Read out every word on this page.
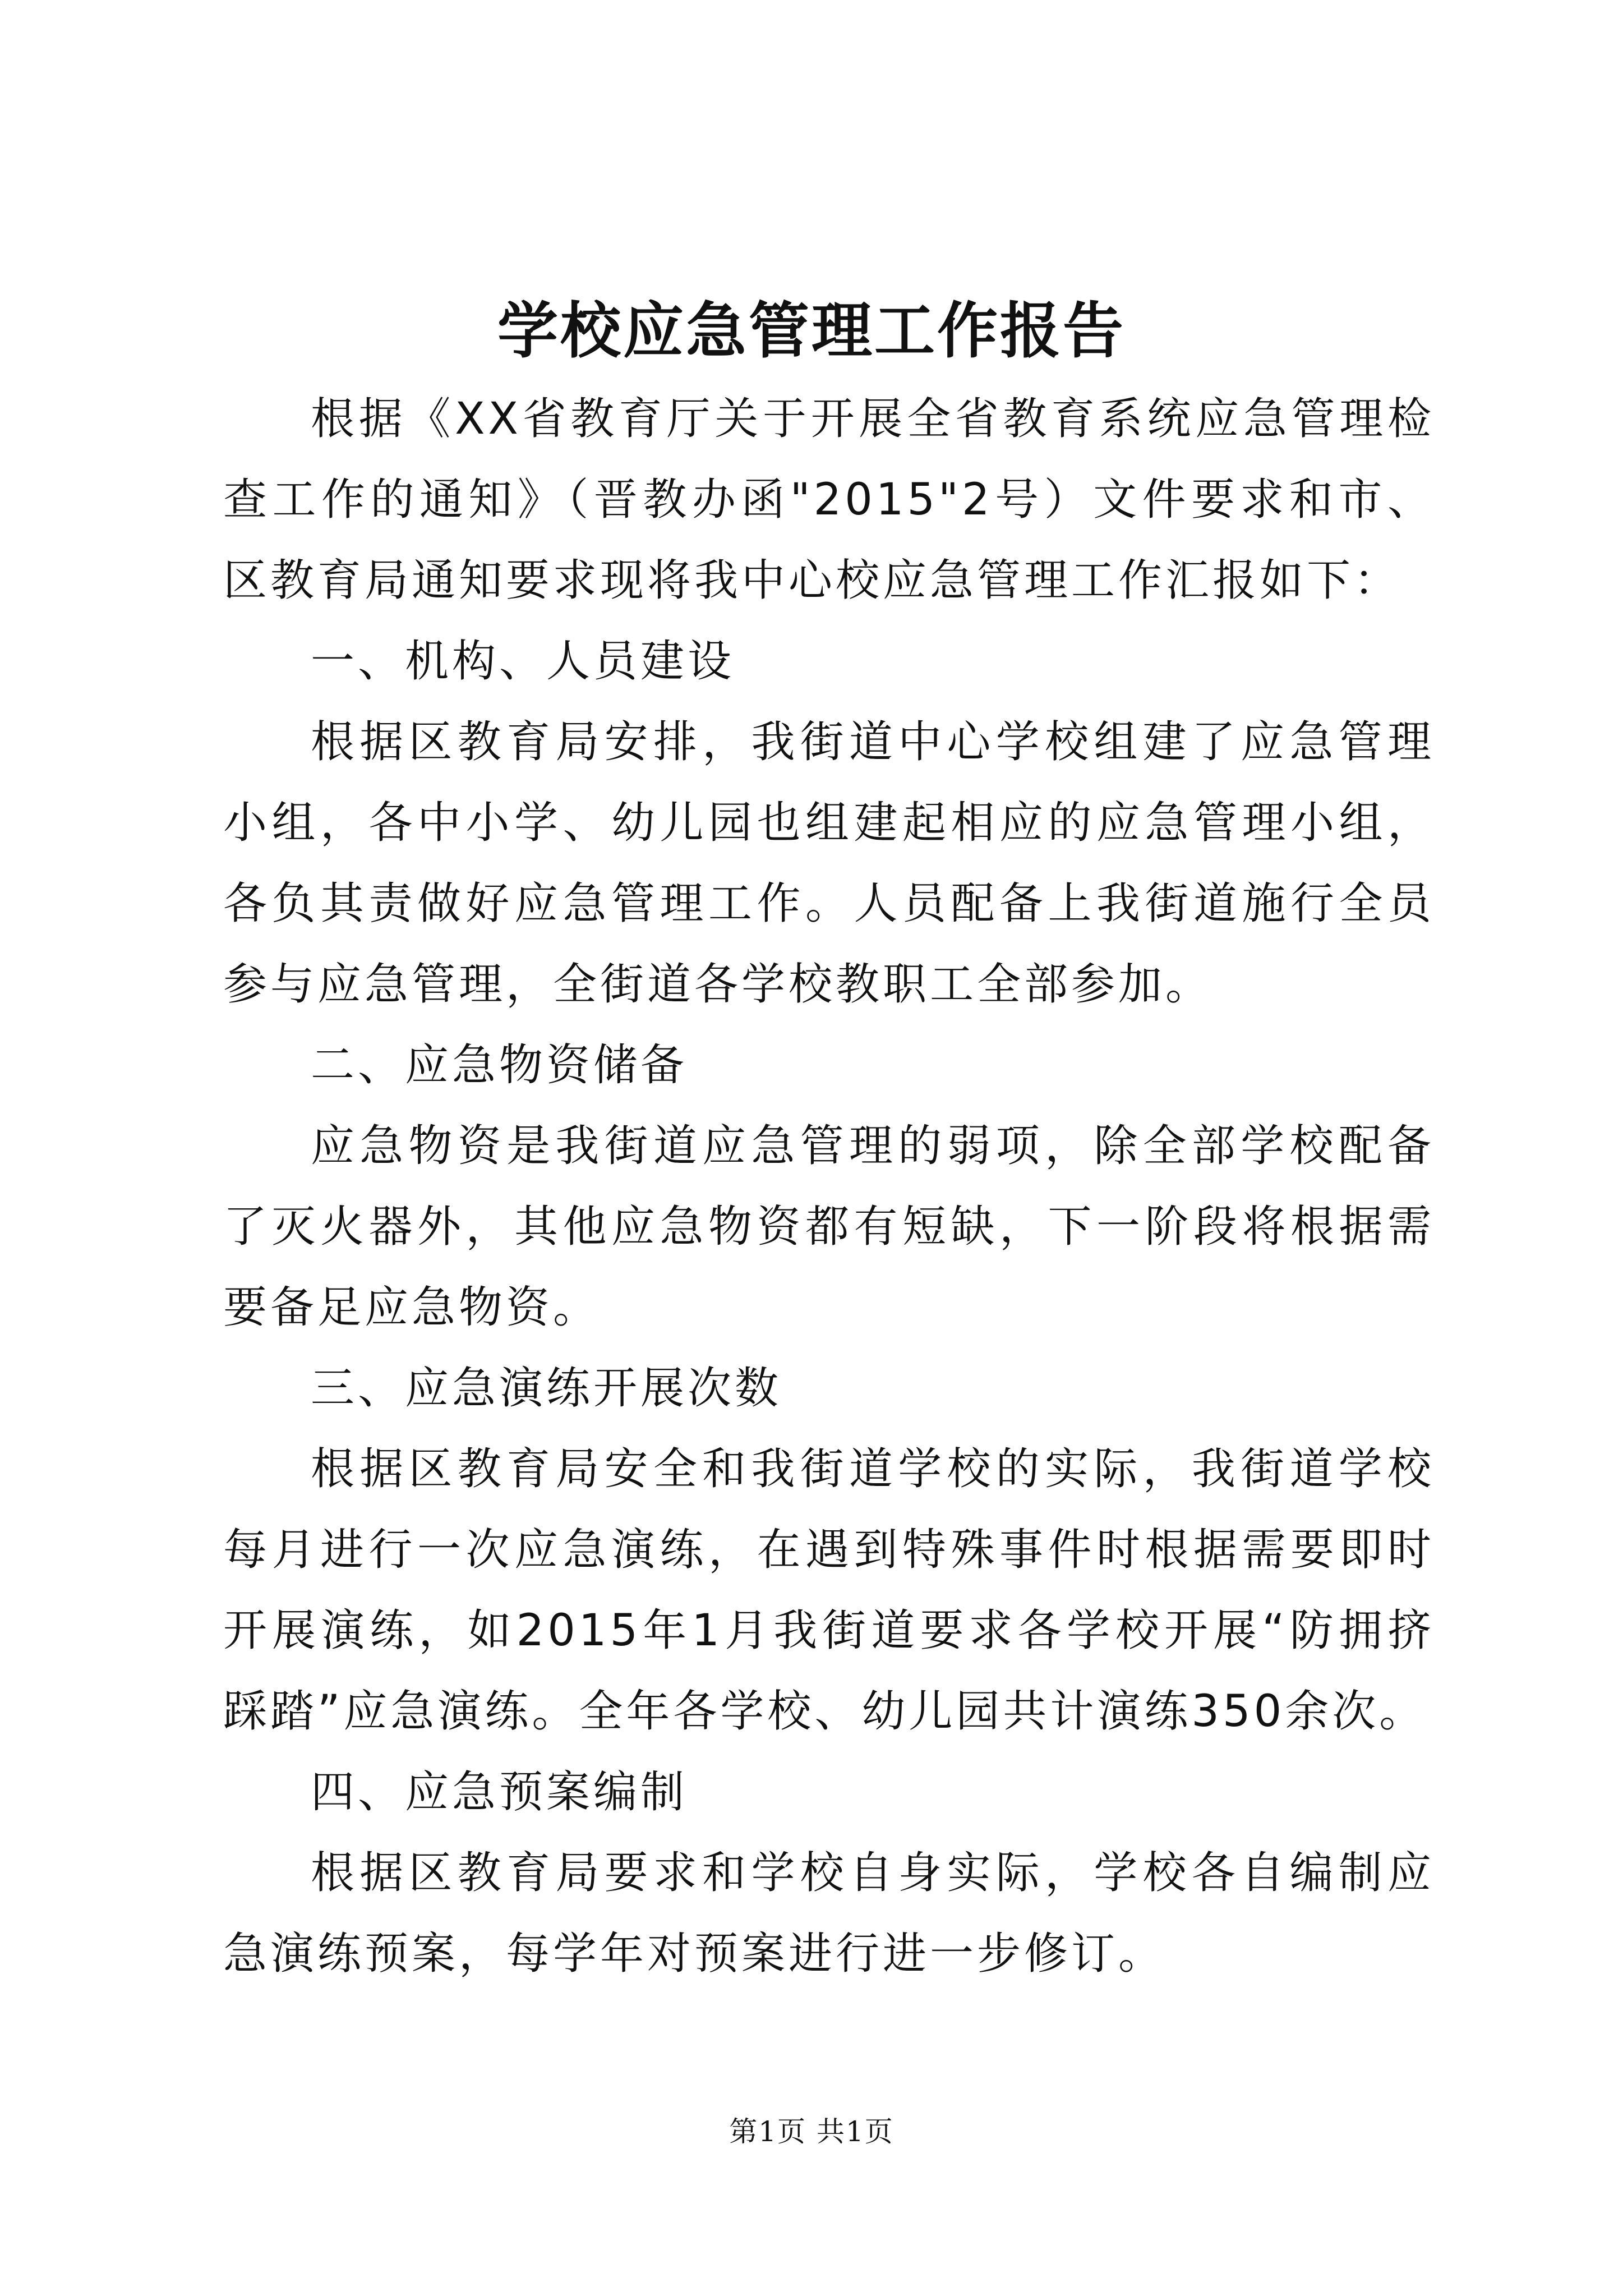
学校应急管理工作报告

根据《XX省教育厅关于开展全省教育系统应急管理检查工作的通知》（晋教办函"2015"2号）文件要求和市、区教育局通知要求现将我中心校应急管理工作汇报如下：

一、机构、人员建设

根据区教育局安排，我街道中心学校组建了应急管理小组，各中小学、幼儿园也组建起相应的应急管理小组，各负其责做好应急管理工作。人员配备上我街道施行全员参与应急管理，全街道各学校教职工全部参加。

二、应急物资储备

应急物资是我街道应急管理的弱项，除全部学校配备了灭火器外，其他应急物资都有短缺，下一阶段将根据需要备足应急物资。

三、应急演练开展次数

根据区教育局安全和我街道学校的实际，我街道学校每月进行一次应急演练，在遇到特殊事件时根据需要即时开展演练，如2015年1月我街道要求各学校开展“防拥挤踩踏”应急演练。全年各学校、幼儿园共计演练350余次。

四、应急预案编制

根据区教育局要求和学校自身实际，学校各自编制应急演练预案，每学年对预案进行进一步修订。

第1页 共1页
